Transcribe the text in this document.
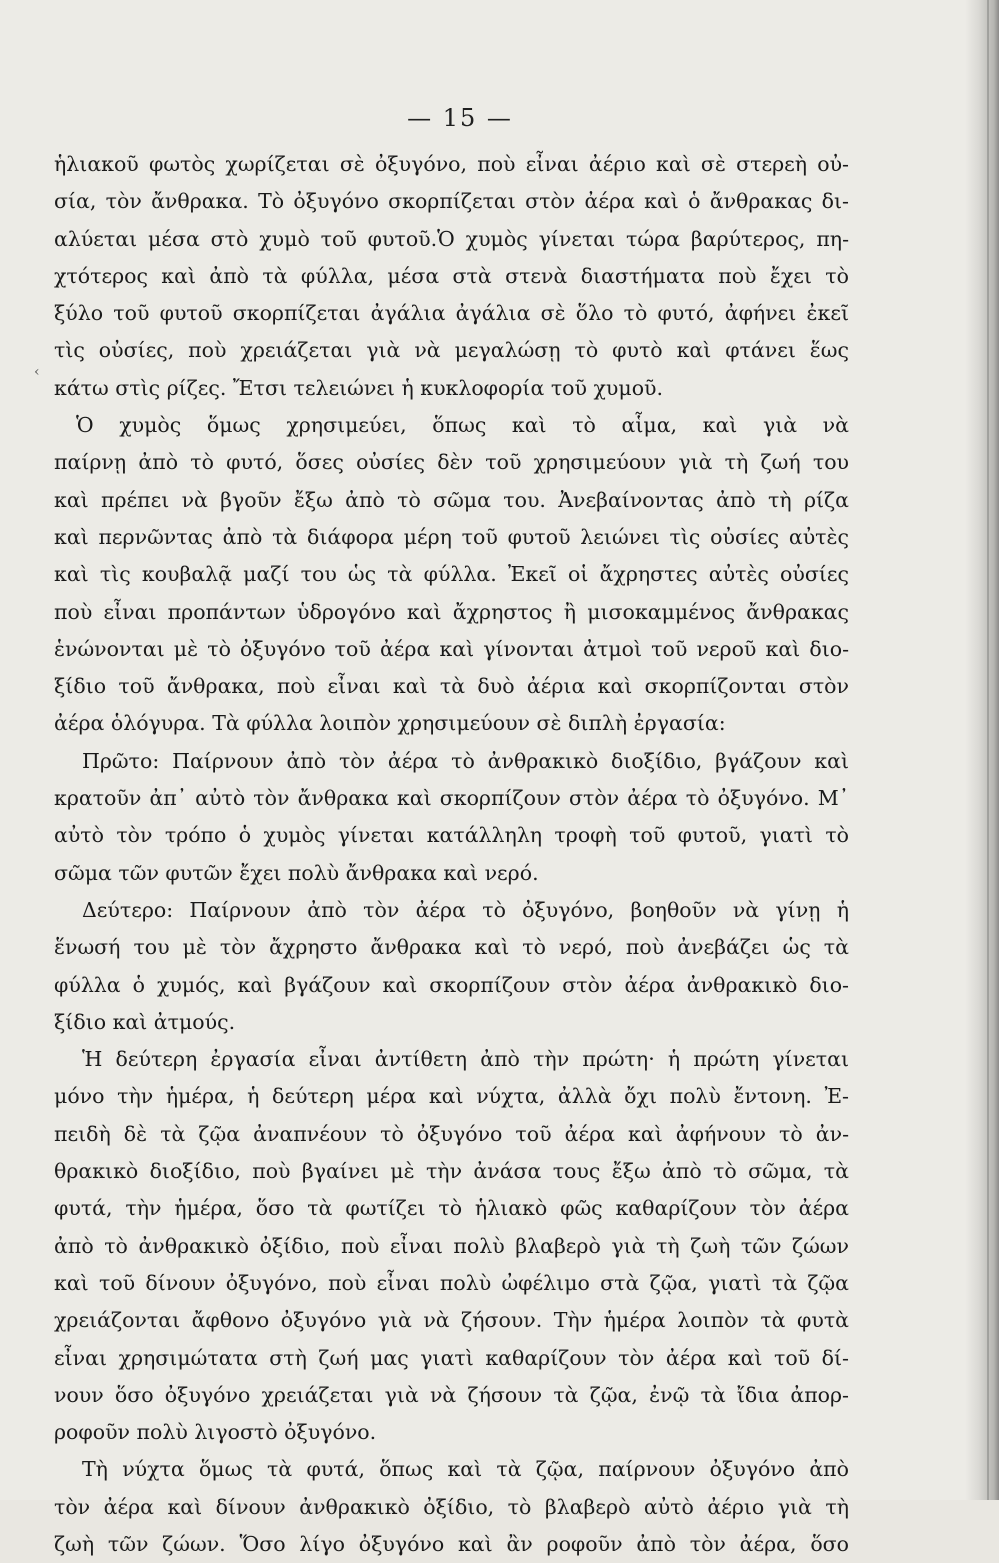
— 15 —
‹
ἡλιακοῦ φωτὸς χωρίζεται σὲ ὀξυγόνο, ποὺ εἶναι ἀέριο καὶ σὲ στερεὴ οὐ-
σία, τὸν ἄνθρακα. Τὸ ὀξυγόνο σκορπίζεται στὸν ἀέρα καὶ ὁ ἄνθρακας δι-
αλύεται μέσα στὸ χυμὸ τοῦ φυτοῦ.Ὁ χυμὸς γίνεται τώρα βαρύτερος, πη-
χτότερος καὶ ἀπὸ τὰ φύλλα, μέσα στὰ στενὰ διαστήματα ποὺ ἔχει τὸ
ξύλο τοῦ φυτοῦ σκορπίζεται ἀγάλια ἀγάλια σὲ ὅλο τὸ φυτό, ἀφήνει ἐκεῖ
τὶς οὐσίες, ποὺ χρειάζεται γιὰ νὰ μεγαλώσῃ τὸ φυτὸ καὶ φτάνει ἕως
κάτω στὶς ρίζες. Ἔτσι τελειώνει ἡ κυκλοφορία τοῦ χυμοῦ.
Ὁ χυμὸς ὅμως χρησιμεύει, ὅπως καὶ τὸ αἷμα, καὶ γιὰ νὰ
παίρνῃ ἀπὸ τὸ φυτό, ὅσες οὐσίες δὲν τοῦ χρησιμεύουν γιὰ τὴ ζωή του
καὶ πρέπει νὰ βγοῦν ἔξω ἀπὸ τὸ σῶμα του. Ἀνεβαίνοντας ἀπὸ τὴ ρίζα
καὶ περνῶντας ἀπὸ τὰ διάφορα μέρη τοῦ φυτοῦ λειώνει τὶς οὐσίες αὐτὲς
καὶ τὶς κουβαλᾷ μαζί του ὡς τὰ φύλλα. Ἐκεῖ οἱ ἄχρηστες αὐτὲς οὐσίες
ποὺ εἶναι προπάντων ὑδρογόνο καὶ ἄχρηστος ἢ μισοκαμμένος ἄνθρακας
ἑνώνονται μὲ τὸ ὀξυγόνο τοῦ ἀέρα καὶ γίνονται ἀτμοὶ τοῦ νεροῦ καὶ διο-
ξίδιο τοῦ ἄνθρακα, ποὺ εἶναι καὶ τὰ δυὸ ἀέρια καὶ σκορπίζονται στὸν
ἀέρα ὁλόγυρα. Τὰ φύλλα λοιπὸν χρησιμεύουν σὲ διπλὴ ἐργασία:
Πρῶτο: Παίρνουν ἀπὸ τὸν ἀέρα τὸ ἀνθρακικὸ διοξίδιο, βγάζουν καὶ
κρατοῦν ἀπ᾿ αὐτὸ τὸν ἄνθρακα καὶ σκορπίζουν στὸν ἀέρα τὸ ὀξυγόνο. Μ᾿
αὐτὸ τὸν τρόπο ὁ χυμὸς γίνεται κατάλληλη τροφὴ τοῦ φυτοῦ, γιατὶ τὸ
σῶμα τῶν φυτῶν ἔχει πολὺ ἄνθρακα καὶ νερό.
Δεύτερο: Παίρνουν ἀπὸ τὸν ἀέρα τὸ ὀξυγόνο, βοηθοῦν νὰ γίνῃ ἡ
ἕνωσή του μὲ τὸν ἄχρηστο ἄνθρακα καὶ τὸ νερό, ποὺ ἀνεβάζει ὡς τὰ
φύλλα ὁ χυμός, καὶ βγάζουν καὶ σκορπίζουν στὸν ἀέρα ἀνθρακικὸ διο-
ξίδιο καὶ ἀτμούς.
Ἡ δεύτερη ἐργασία εἶναι ἀντίθετη ἀπὸ τὴν πρώτη· ἡ πρώτη γίνεται
μόνο τὴν ἡμέρα, ἡ δεύτερη μέρα καὶ νύχτα, ἀλλὰ ὄχι πολὺ ἔντονη. Ἐ-
πειδὴ δὲ τὰ ζῷα ἀναπνέουν τὸ ὀξυγόνο τοῦ ἀέρα καὶ ἀφήνουν τὸ ἀν-
θρακικὸ διοξίδιο, ποὺ βγαίνει μὲ τὴν ἀνάσα τους ἔξω ἀπὸ τὸ σῶμα, τὰ
φυτά, τὴν ἡμέρα, ὅσο τὰ φωτίζει τὸ ἡλιακὸ φῶς καθαρίζουν τὸν ἀέρα
ἀπὸ τὸ ἀνθρακικὸ ὀξίδιο, ποὺ εἶναι πολὺ βλαβερὸ γιὰ τὴ ζωὴ τῶν ζώων
καὶ τοῦ δίνουν ὀξυγόνο, ποὺ εἶναι πολὺ ὠφέλιμο στὰ ζῷα, γιατὶ τὰ ζῷα
χρειάζονται ἄφθονο ὀξυγόνο γιὰ νὰ ζήσουν. Τὴν ἡμέρα λοιπὸν τὰ φυτὰ
εἶναι χρησιμώτατα στὴ ζωή μας γιατὶ καθαρίζουν τὸν ἀέρα καὶ τοῦ δί-
νουν ὅσο ὀξυγόνο χρειάζεται γιὰ νὰ ζήσουν τὰ ζῷα, ἐνῷ τὰ ἴδια ἀπορ-
ροφοῦν πολὺ λιγοστὸ ὀξυγόνο.
Τὴ νύχτα ὅμως τὰ φυτά, ὅπως καὶ τὰ ζῷα, παίρνουν ὀξυγόνο ἀπὸ
τὸν ἀέρα καὶ δίνουν ἀνθρακικὸ ὀξίδιο, τὸ βλαβερὸ αὐτὸ ἀέριο γιὰ τὴ
ζωὴ τῶν ζώων. Ὅσο λίγο ὀξυγόνο καὶ ἂν ροφοῦν ἀπὸ τὸν ἀέρα, ὅσο
